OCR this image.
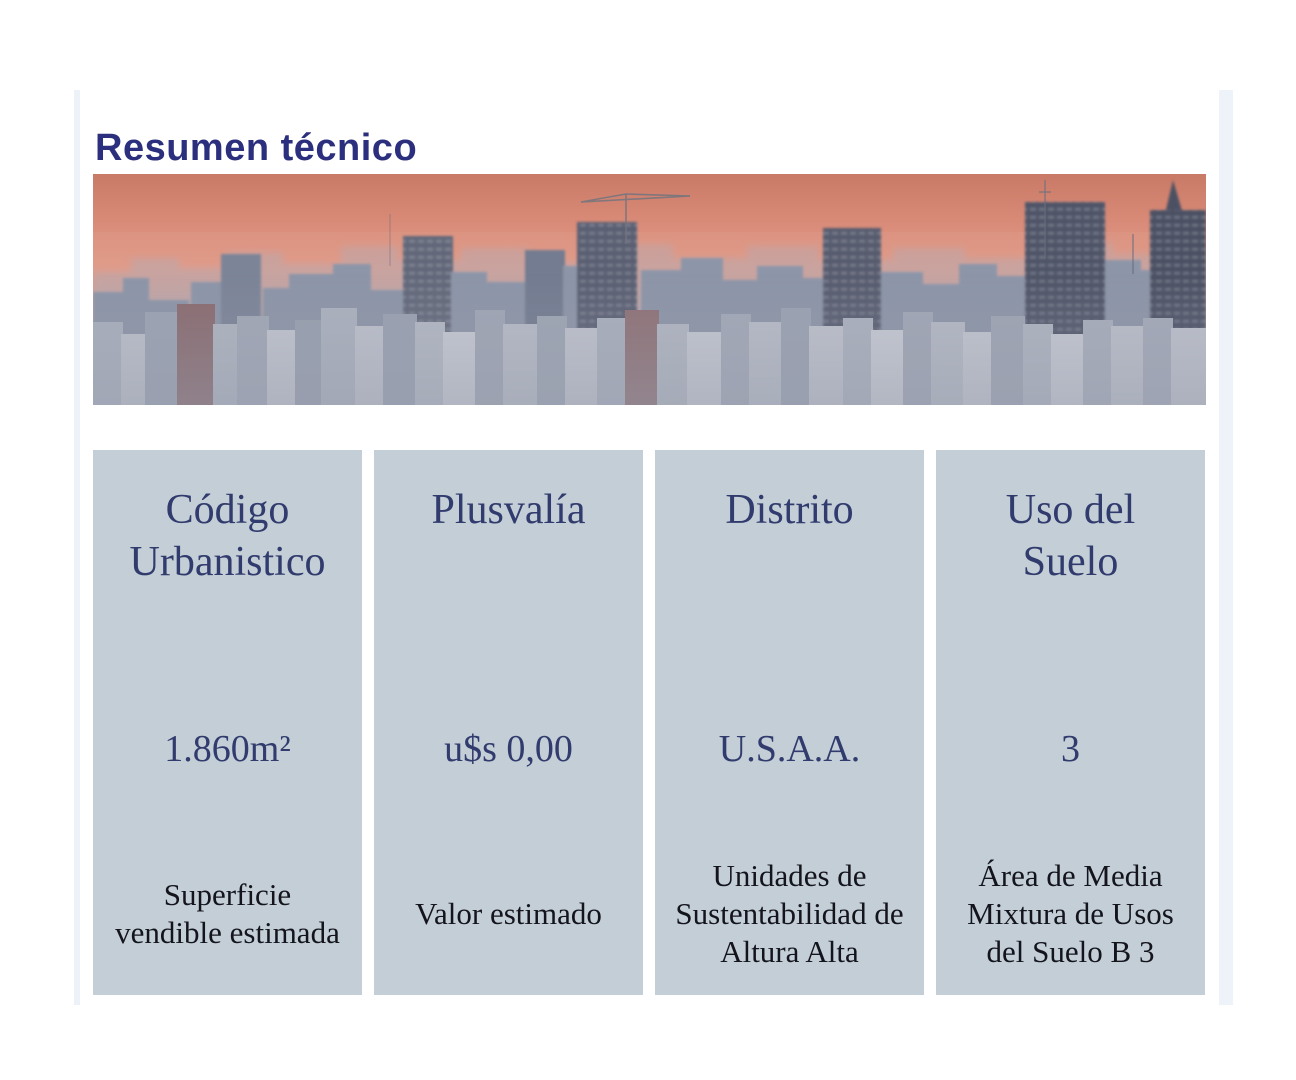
Resumen técnico
Código Urbanistico
1.860m²
Superficie vendible estimada
Plusvalía
u$s 0,00
Valor estimado
Distrito
U.S.A.A.
Unidades de Sustentabilidad de Altura Alta
Uso del Suelo
3
Área de Media Mixtura de Usos del Suelo B 3
